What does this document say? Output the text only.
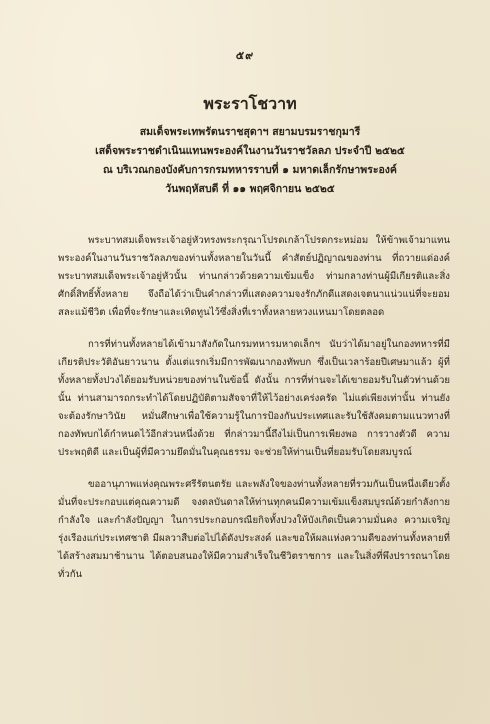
๕๙
พระราโชวาท
สมเด็จพระเทพรัตนราชสุดาฯ สยามบรมราชกุมารี
เสด็จพระราชดำเนินแทนพระองค์ในงานวันราชวัลลภ ประจำปี ๒๕๒๕
ณ บริเวณกองบังคับการกรมทหารราบที่ ๑ มหาดเล็กรักษาพระองค์
วันพฤหัสบดี ที่ ๑๑ พฤศจิกายน ๒๕๒๕

พระบาทสมเด็จพระเจ้าอยู่หัวทรงพระกรุณาโปรดเกล้าโปรดกระหม่อม ให้ข้าพเจ้ามาแทนพระองค์ในงานวันราชวัลลภของท่านทั้งหลายในวันนี้ คำสัตย์ปฏิญาณของท่าน ที่ถวายแด่องค์พระบาทสมเด็จพระเจ้าอยู่หัวนั้น ท่านกล่าวด้วยความเข้มแข็ง ท่ามกลางท่านผู้มีเกียรติและสิ่งศักดิ์สิทธิ์ทั้งหลาย จึงถือได้ว่าเป็นคำกล่าวที่แสดงความจงรักภักดีแสดงเจตนาแน่วแน่ที่จะยอมสละแม้ชีวิต เพื่อที่จะรักษาและเทิดทูนไว้ซึ่งสิ่งที่เราทั้งหลายหวงแหนมาโดยตลอด

การที่ท่านทั้งหลายได้เข้ามาสังกัดในกรมทหารมหาดเล็กฯ นับว่าได้มาอยู่ในกองทหารที่มีเกียรติประวัติอันยาวนาน ตั้งแต่แรกเริ่มมีการพัฒนากองทัพบก ซึ่งเป็นเวลาร้อยปีเศษมาแล้ว ผู้ที่ทั้งหลายทั้งปวงได้ยอมรับหน่วยของท่านในข้อนี้ ดังนั้น การที่ท่านจะได้เขายอมรับในตัวท่านด้วยนั้น ท่านสามารถกระทำได้โดยปฏิบัติตามสัจจาที่ให้ไว้อย่างเคร่งครัด ไม่แต่เพียงเท่านั้น ท่านยังจะต้องรักษาวินัย หมั่นศึกษาเพื่อใช้ความรู้ในการป้องกันประเทศและรับใช้สังคมตามแนวทางที่กองทัพบกได้กำหนดไว้อีกส่วนหนึ่งด้วย ที่กล่าวมานี้ถึงไม่เป็นการเพียงพอ การวางตัวดี ความประพฤติดี และเป็นผู้ที่มีความยึดมั่นในคุณธรรม จะช่วยให้ท่านเป็นที่ยอมรับโดยสมบูรณ์

ขออานุภาพแห่งคุณพระศรีรัตนตรัย และพลังใจของท่านทั้งหลายที่รวมกันเป็นหนึ่งเดียวตั้งมั่นที่จะประกอบแต่คุณความดี จงดลบันดาลให้ท่านทุกคนมีความเข้มแข็งสมบูรณ์ด้วยกำลังกาย กำลังใจ และกำลังปัญญา ในการประกอบกรณียกิจทั้งปวงให้บังเกิดเป็นความมั่นคง ความเจริญรุ่งเรืองแก่ประเทศชาติ มีผลวาสืบต่อไปได้ดังประสงค์ และขอให้ผลแห่งความดีของท่านทั้งหลายที่ได้สร้างสมมาช้านาน ได้ตอบสนองให้มีความสำเร็จในชีวิตราชการ และในสิ่งที่พึงปรารถนาโดยทั่วกัน
